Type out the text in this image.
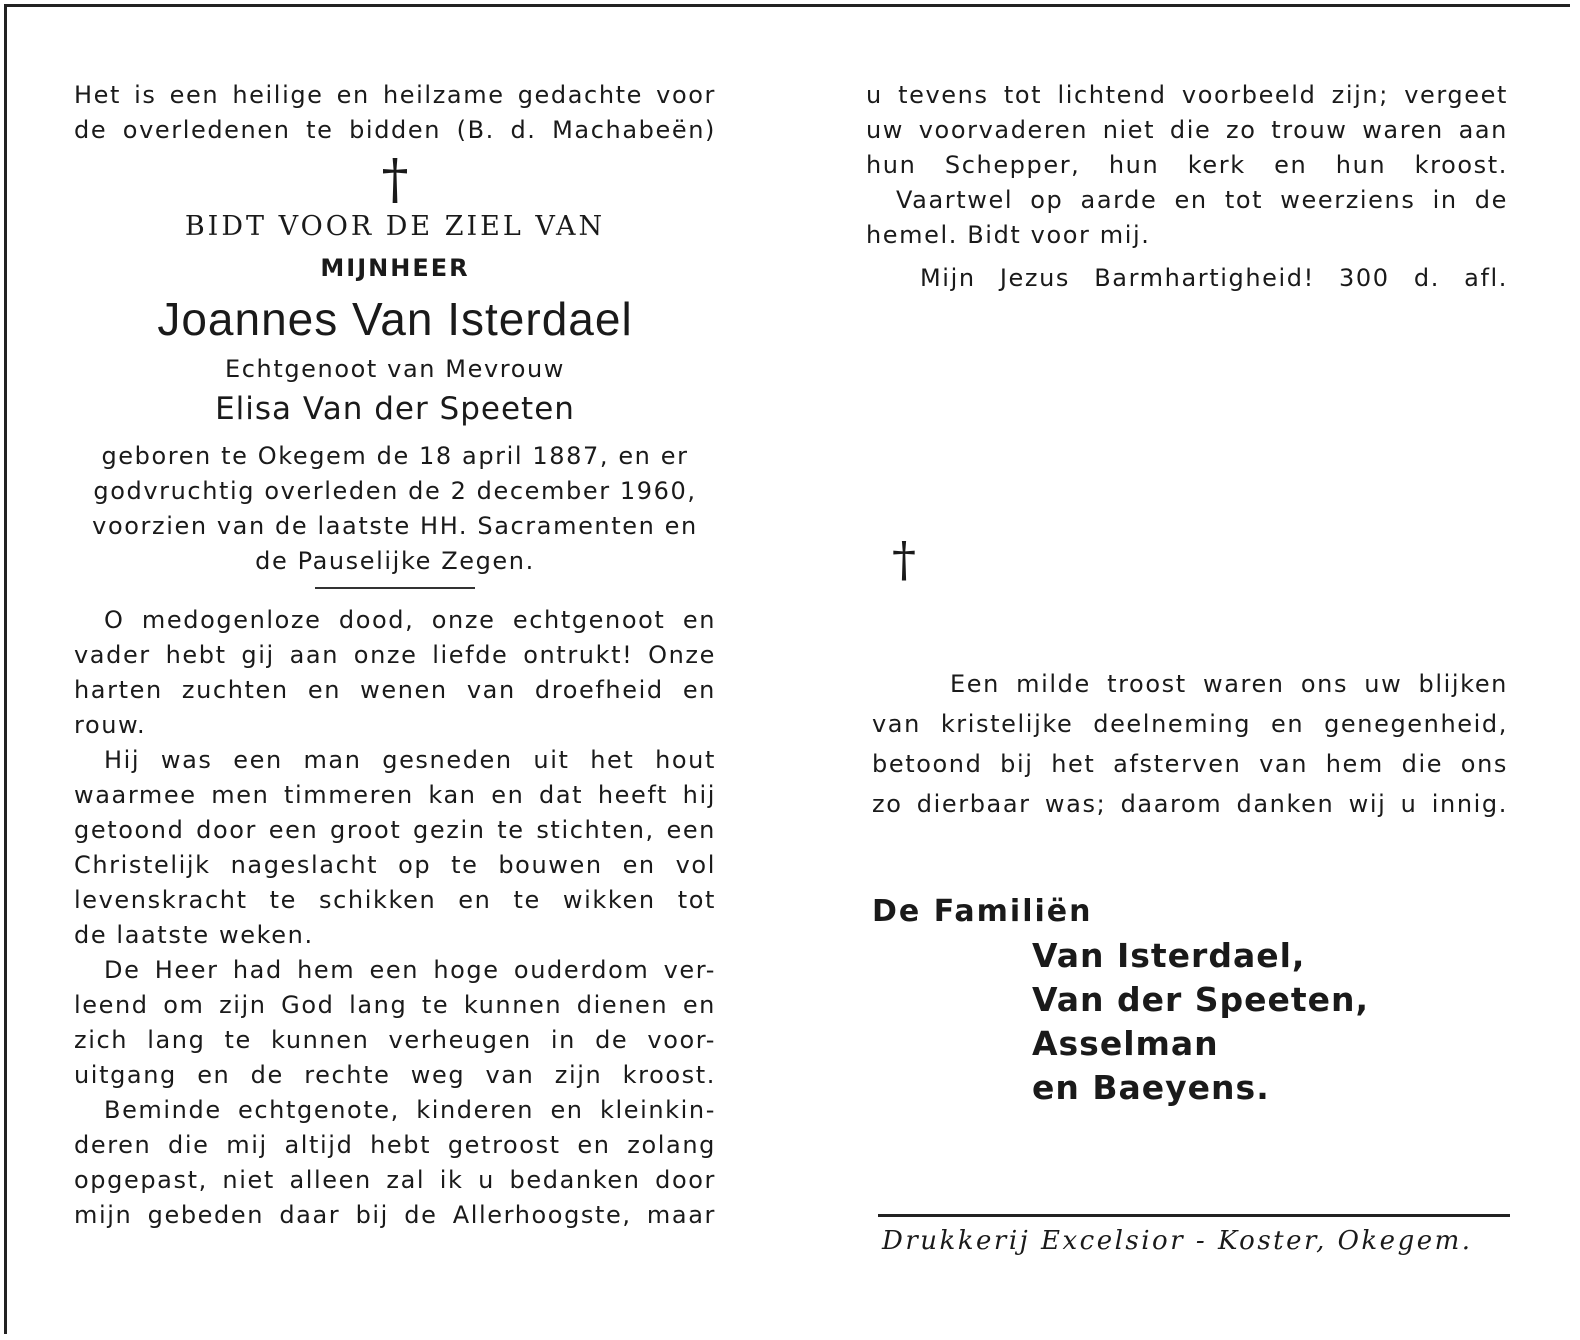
Het is een heilige en heilzame gedachte voor
de overledenen te bidden (B. d. Machabeën)
†
BIDT VOOR DE ZIEL VAN
MIJNHEER
Joannes Van Isterdael
Echtgenoot van Mevrouw
Elisa Van der Speeten
geboren te Okegem de 18 april 1887, en er
godvruchtig overleden de 2 december 1960,
voorzien van de laatste HH. Sacramenten en
de Pauselijke Zegen.
O medogenloze dood, onze echtgenoot en
vader hebt gij aan onze liefde ontrukt! Onze
harten zuchten en wenen van droefheid en
rouw.
Hij was een man gesneden uit het hout
waarmee men timmeren kan en dat heeft hij
getoond door een groot gezin te stichten, een
Christelijk nageslacht op te bouwen en vol
levenskracht te schikken en te wikken tot
de laatste weken.
De Heer had hem een hoge ouderdom ver-
leend om zijn God lang te kunnen dienen en
zich lang te kunnen verheugen in de voor-
uitgang en de rechte weg van zijn kroost.
Beminde echtgenote, kinderen en kleinkin-
deren die mij altijd hebt getroost en zolang
opgepast, niet alleen zal ik u bedanken door
mijn gebeden daar bij de Allerhoogste, maar
u tevens tot lichtend voorbeeld zijn; vergeet
uw voorvaderen niet die zo trouw waren aan
hun Schepper, hun kerk en hun kroost.
Vaartwel op aarde en tot weerziens in de
hemel. Bidt voor mij.
Mijn Jezus Barmhartigheid! 300 d. afl.
†
Een milde troost waren ons uw blijken
van kristelijke deelneming en genegenheid,
betoond bij het afsterven van hem die ons
zo dierbaar was; daarom danken wij u innig.
De Familiën
Van Isterdael,
Van der Speeten,
Asselman
en Baeyens.
Drukkerij Excelsior - Koster, Okegem.
